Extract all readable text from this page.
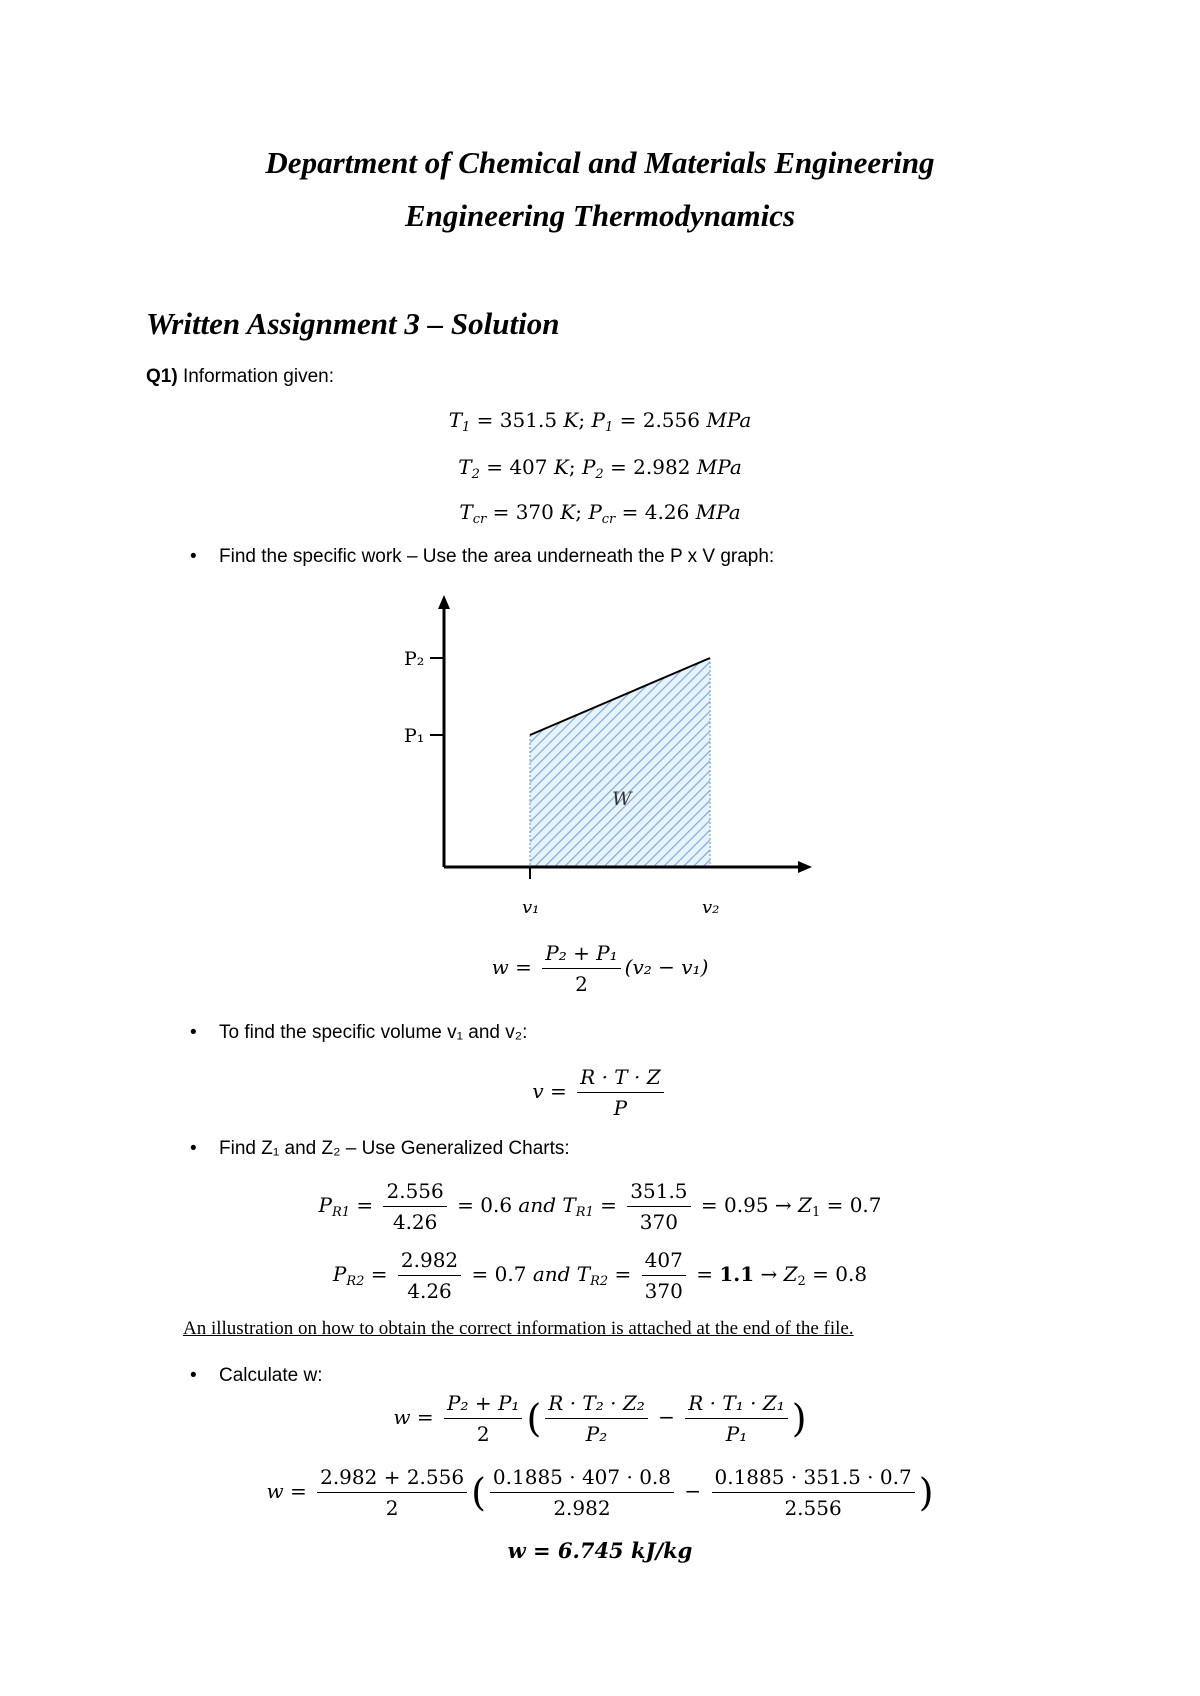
Department of Chemical and Materials Engineering
Engineering Thermodynamics
Written Assignment 3 – Solution
Q1) Information given:
$T_1 = 351.5$ K; $P_1 = 2.556$ MPa
$T_2 = 407$ K; $P_2 = 2.982$ MPa
$T_{cr} = 370$ K; $P_{cr} = 4.26$ MPa
• Find the specific work – Use the area underneath the P x V graph:
P₂
P₁
v₁	v₂
W
$w = \frac{\text{P₂ + P₁}}{2} (v_2 - v_1)$
• To find the specific volume v₁ and v₂:
$v = \frac{R \cdot T \cdot Z}{P}$
• Find Z₁ and Z₂ – Use Generalized Charts:
$P_{R1} = \frac{2.556}{4.26} = 0.6$ and $T_{R1} = \frac{351.5}{370} = 0.95 \to Z_1 = 0.7$
$P_{R2} = \frac{2.982}{4.26} = 0.7$ and $T_{R2} = \frac{407}{370} = 1.1 \to Z_2 = 0.8$
An illustration on how to obtain the correct information is attached at the end of the file.
• Calculate w:
$w = \frac{\text{P₂ + P₁}}{2}$ ( $\frac{\text{R · T₂ · Z₂}}{\text{P₂}} - \frac{\text{R · T₁ · Z₁}}{\text{P₁}}$ )
$w = \frac{2.982 + 2.556}{2}$ ( $\frac{0.1885 \cdot 407 \cdot 0.8}{2.982} - \frac{0.1885 \cdot 351.5 \cdot 0.7}{2.556}$ )
w = 6.745 kJ/kg
